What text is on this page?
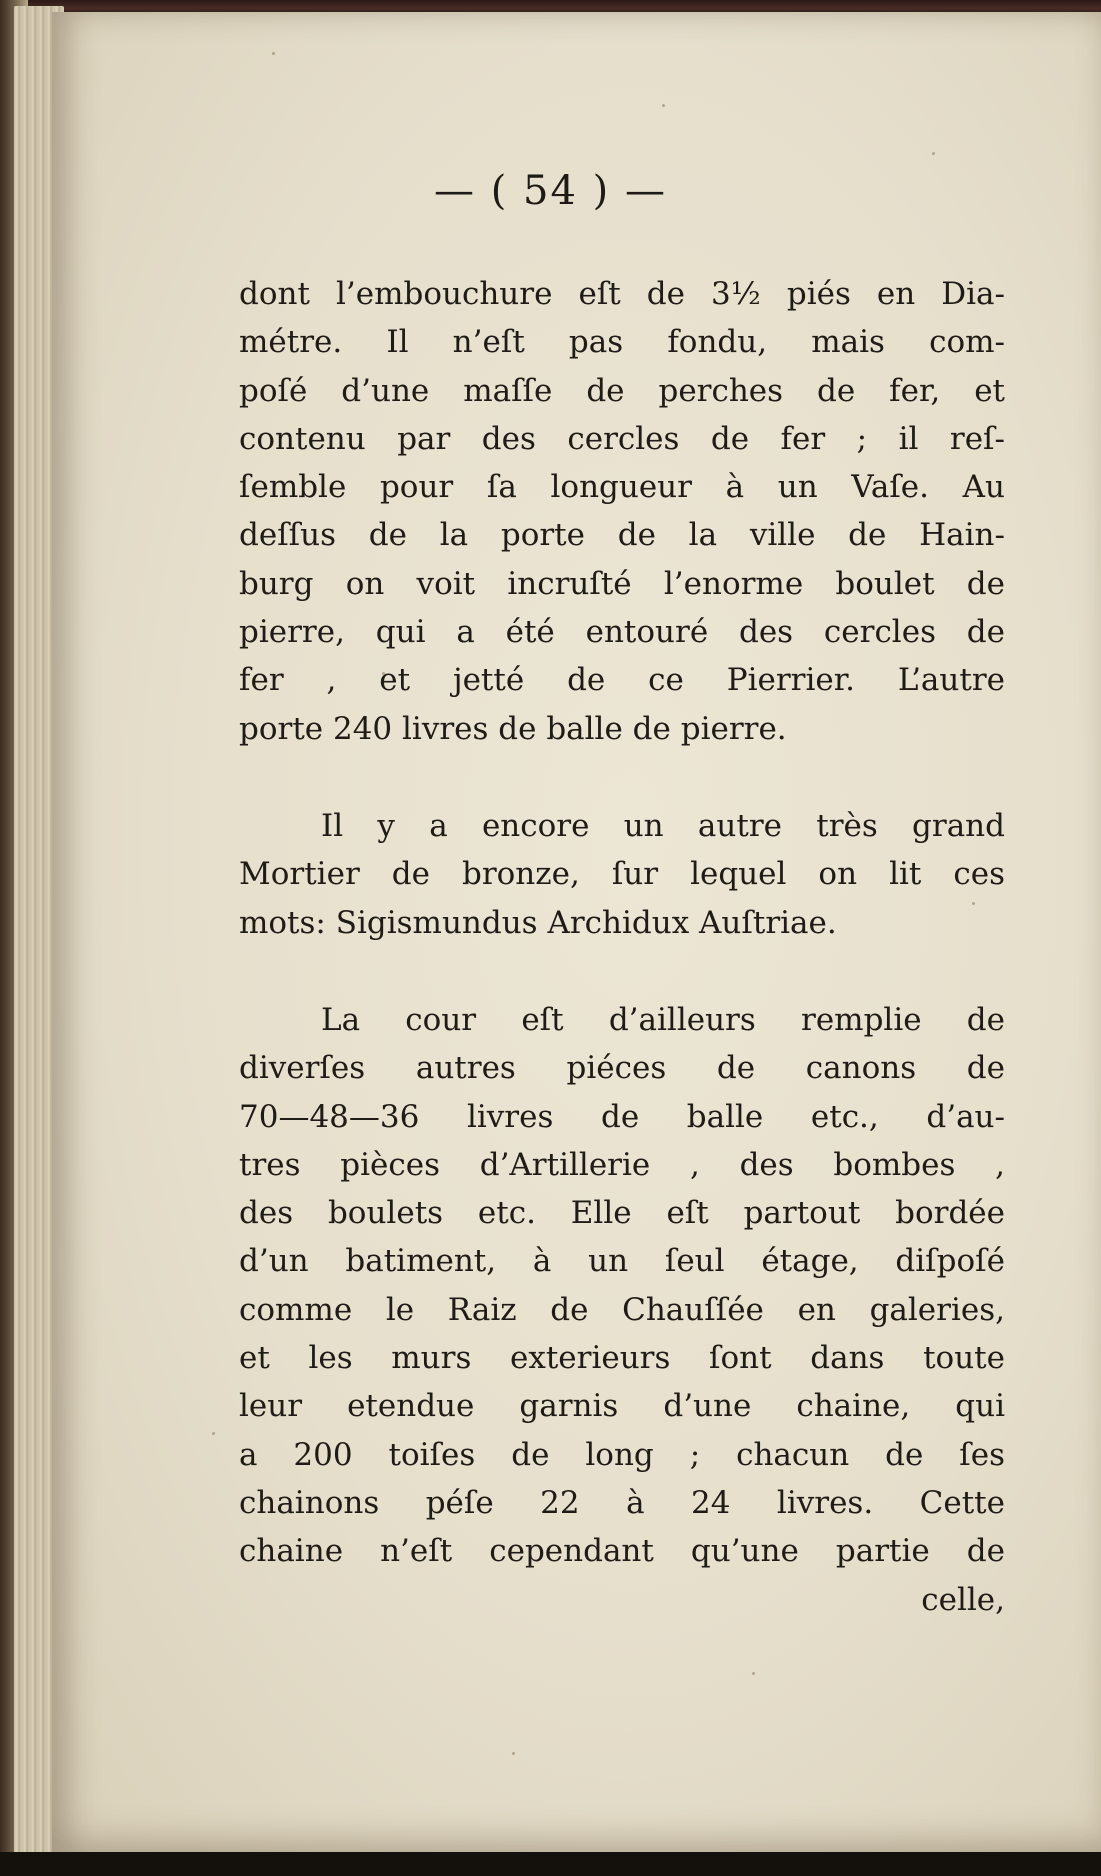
— ( 54 ) —
dont l’embouchure eſt de 3½ piés en Dia-
métre. Il n’eſt pas fondu, mais com-
poſé d’une maſſe de perches de fer, et
contenu par des cercles de fer ; il reſ-
ſemble pour ſa longueur à un Vaſe. Au
deſſus de la porte de la ville de Hain-
burg on voit incruſté l’enorme boulet de
pierre, qui a été entouré des cercles de
fer , et jetté de ce Pierrier. L’autre
porte 240 livres de balle de pierre.
Il y a encore un autre très grand
Mortier de bronze, ſur lequel on lit ces
mots: Sigismundus Archidux Auſtriae.
La cour eſt d’ailleurs remplie de
diverſes autres piéces de canons de
70—48—36 livres de balle etc., d’au-
tres pièces d’Artillerie , des bombes ,
des boulets etc. Elle eſt partout bordée
d’un batiment, à un ſeul étage, diſpoſé
comme le Raiz de Chauſſée en galeries,
et les murs exterieurs ſont dans toute
leur etendue garnis d’une chaine, qui
a 200 toiſes de long ; chacun de ſes
chainons péſe 22 à 24 livres. Cette
chaine n’eſt cependant qu’une partie de
celle,
